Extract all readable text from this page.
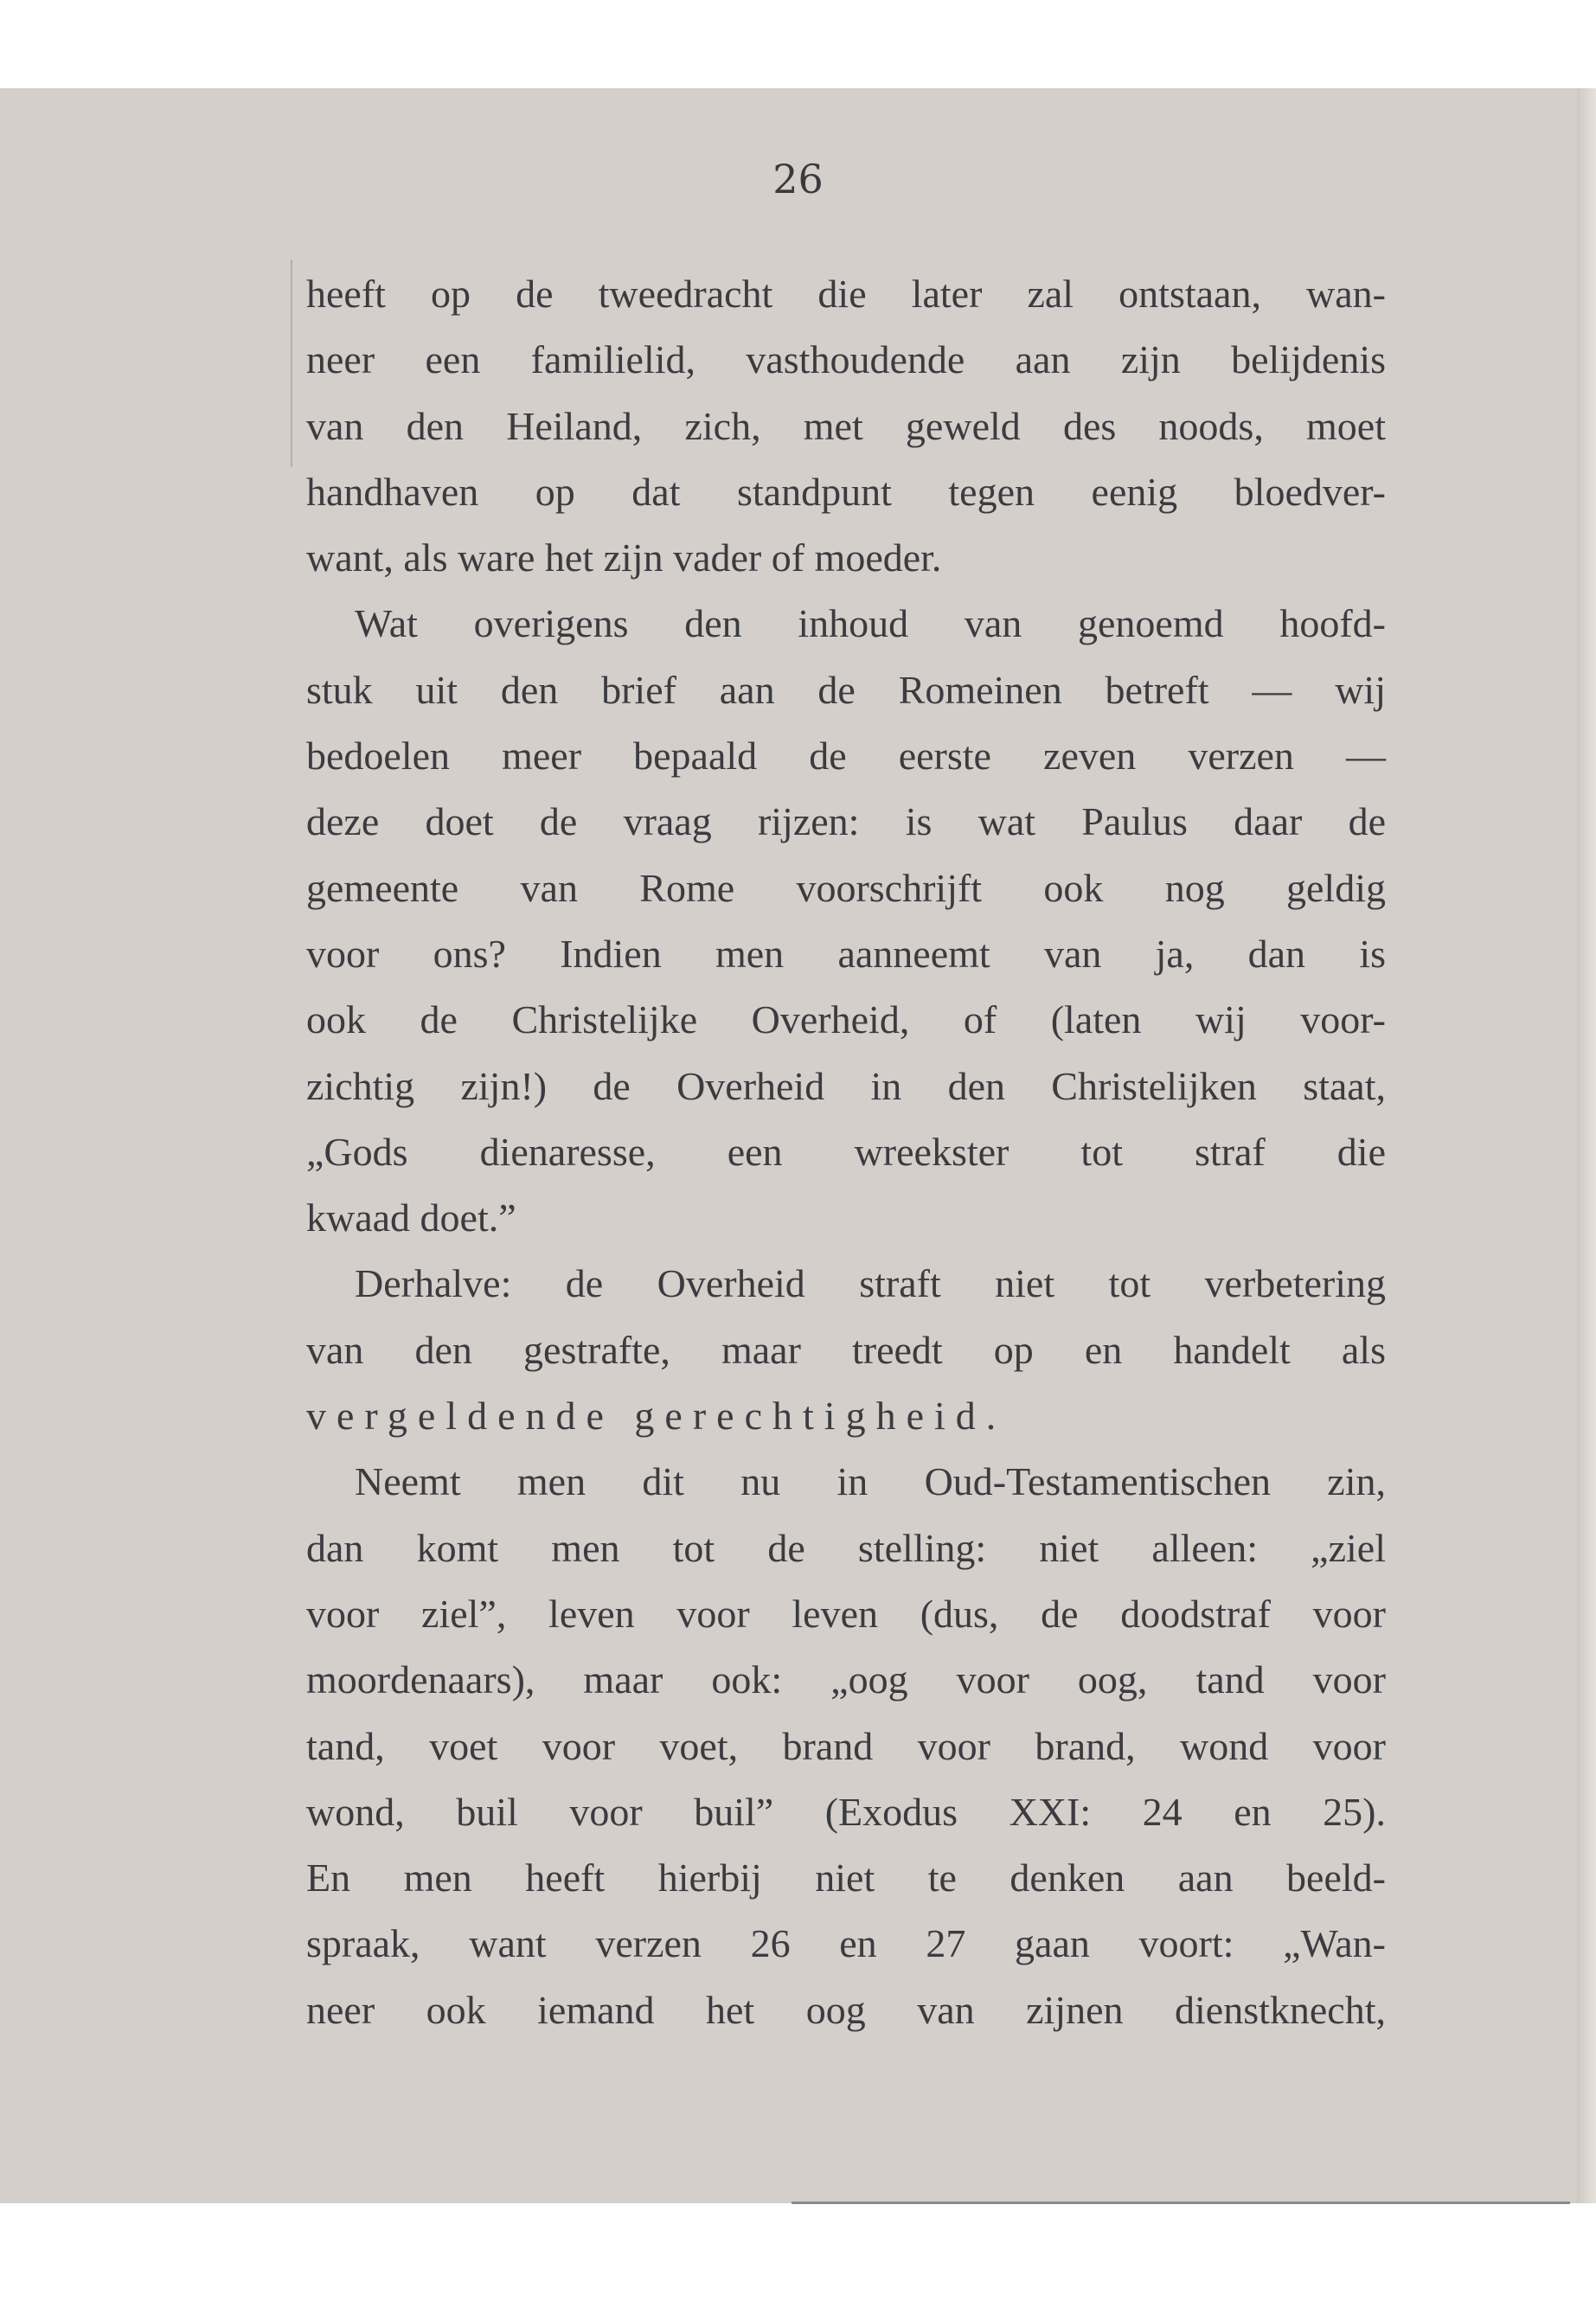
26
heeft op de tweedracht die later zal ontstaan, wan-
neer een familielid, vasthoudende aan zijn belijdenis
van den Heiland, zich, met geweld des noods, moet
handhaven op dat standpunt tegen eenig bloedver-
want, als ware het zijn vader of moeder.
Wat overigens den inhoud van genoemd hoofd-
stuk uit den brief aan de Romeinen betreft — wij
bedoelen meer bepaald de eerste zeven verzen —
deze doet de vraag rijzen: is wat Paulus daar de
gemeente van Rome voorschrijft ook nog geldig
voor ons? Indien men aanneemt van ja, dan is
ook de Christelijke Overheid, of (laten wij voor-
zichtig zijn!) de Overheid in den Christelijken staat,
„Gods dienaresse, een wreekster tot straf die
kwaad doet.”
Derhalve: de Overheid straft niet tot verbetering
van den gestrafte, maar treedt op en handelt als
vergeldende gerechtigheid.
Neemt men dit nu in Oud-Testamentischen zin,
dan komt men tot de stelling: niet alleen: „ziel
voor ziel”, leven voor leven (dus, de doodstraf voor
moordenaars), maar ook: „oog voor oog, tand voor
tand, voet voor voet, brand voor brand, wond voor
wond, buil voor buil” (Exodus XXI: 24 en 25).
En men heeft hierbij niet te denken aan beeld-
spraak, want verzen 26 en 27 gaan voort: „Wan-
neer ook iemand het oog van zijnen dienstknecht,
